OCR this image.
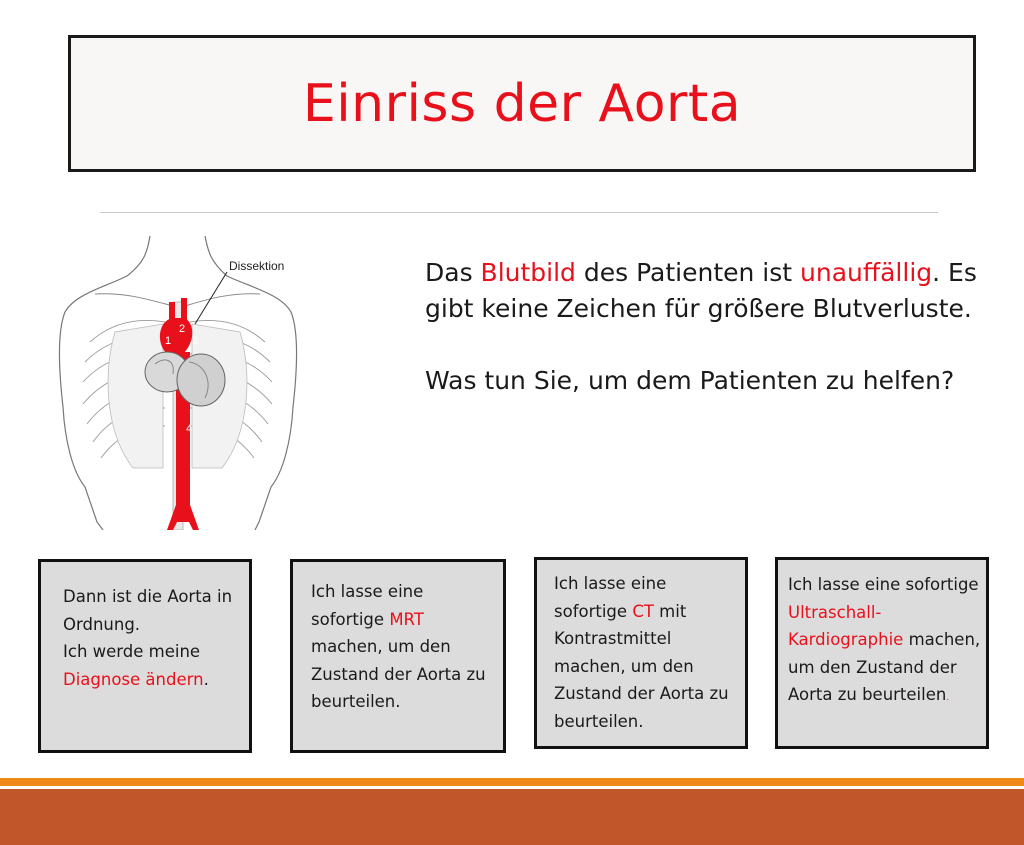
Einriss der Aorta
2
1 3
4
Dissektion	Das Blutbild des Patienten ist unauffällig. Es gibt keine Zeichen für größere Blutverluste.

Was tun Sie, um dem Patienten zu helfen?

Dann ist die Aorta in Ordnung.
Ich werde meine
Diagnose ändern.
Ich lasse eine sofortige MRT machen, um den Zustand der Aorta zu beurteilen.
Ich lasse eine sofortige CT mit Kontrastmittel machen, um den Zustand der Aorta zu beurteilen.
Ich lasse eine sofortige Ultraschall-Kardiographie machen, um den Zustand der Aorta zu beurteilen.
